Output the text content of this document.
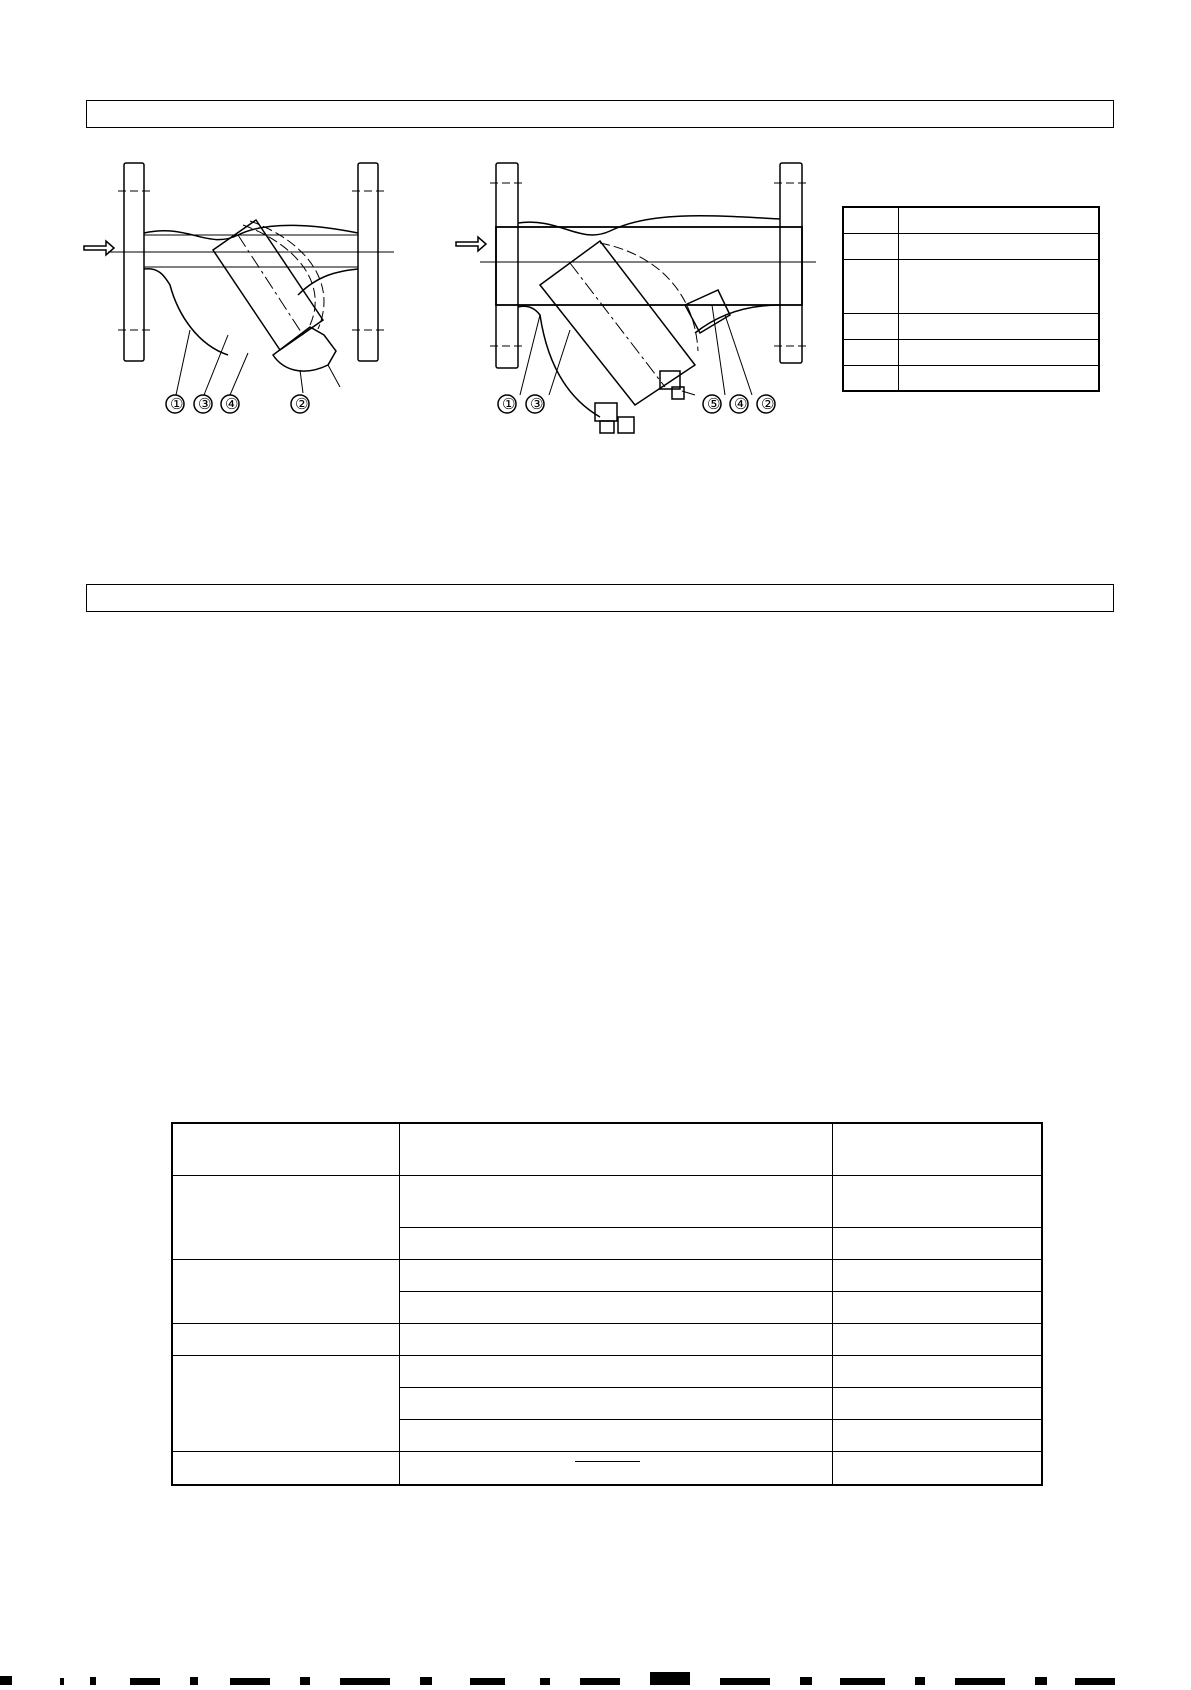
① ③ ④	②	① ③	⑤ ④ ②
